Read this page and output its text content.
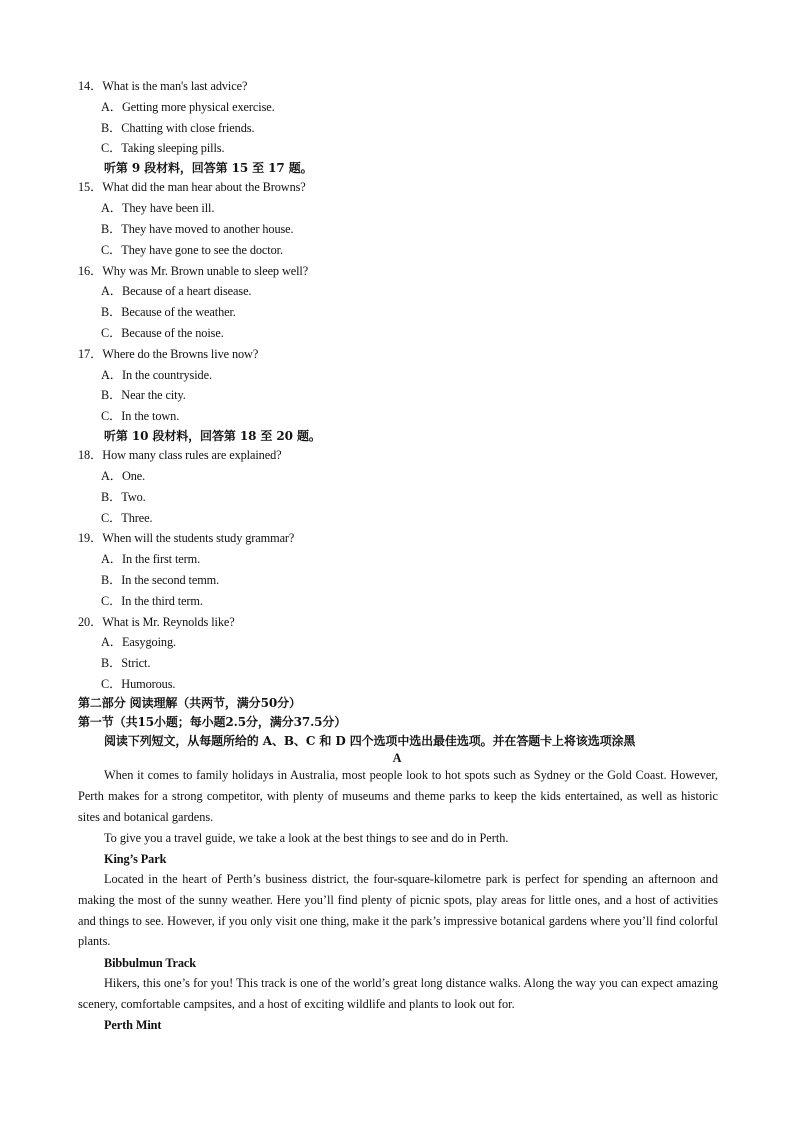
14．What is the man's last advice?
A．Getting more physical exercise.
B．Chatting with close friends.
C．Taking sleeping pills.
听第 9 段材料，回答第 15 至 17 题。
15．What did the man hear about the Browns?
A．They have been ill.
B．They have moved to another house.
C．They have gone to see the doctor.
16．Why was Mr. Brown unable to sleep well?
A．Because of a heart disease.
B．Because of the weather.
C．Because of the noise.
17．Where do the Browns live now?
A．In the countryside.
B．Near the city.
C．In the town.
听第 10 段材料，回答第 18 至 20 题。
18．How many class rules are explained?
A．One.
B．Two.
C．Three.
19．When will the students study grammar?
A．In the first term.
B．In the second temm.
C．In the third term.
20．What is Mr. Reynolds like?
A．Easygoing.
B．Strict.
C．Humorous.
第二部分 阅读理解（共两节，满分50分）
第一节（共15小题；每小题2.5分，满分37.5分）
阅读下列短文，从每题所给的 A、B、C 和 D 四个选项中选出最佳选项。并在答题卡上将该选项涂黑
A
When it comes to family holidays in Australia, most people look to hot spots such as Sydney or the Gold Coast. However, Perth makes for a strong competitor, with plenty of museums and theme parks to keep the kids entertained, as well as historic sites and botanical gardens.
To give you a travel guide, we take a look at the best things to see and do in Perth.
King’s Park
Located in the heart of Perth’s business district, the four-square-kilometre park is perfect for spending an afternoon and making the most of the sunny weather. Here you’ll find plenty of picnic spots, play areas for little ones, and a host of activities and things to see. However, if you only visit one thing, make it the park’s impressive botanical gardens where you’ll find colorful plants.
Bibbulmun Track
Hikers, this one’s for you! This track is one of the world’s great long distance walks. Along the way you can expect amazing scenery, comfortable campsites, and a host of exciting wildlife and plants to look out for.
Perth Mint
